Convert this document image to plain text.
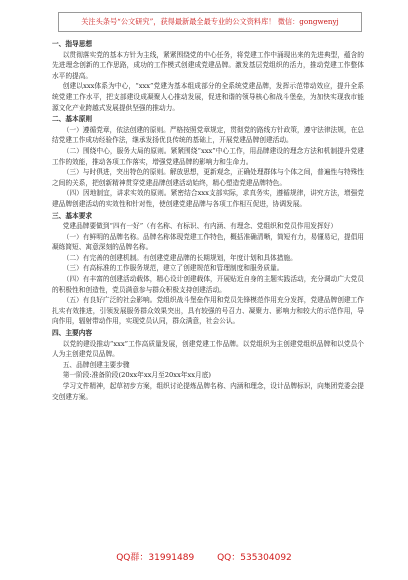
关注头条号“公文研究”，获得最新最全最专业的公文资料库！ 微信：gongwenyj

一、指导思想

以贯彻落实党的基本方针为主线，紧紧围绕党的中心任务，将党建工作中涌现出来的先进典型，蕴含的先进理念创新的工作思路，成功的工作模式创建成党建品牌。激发基层党组织的活力，推动党建工作整体水平的提高。

创建以xxx体系为中心，“xxx”党建为基本组成部分的全系统党建品牌，发挥示范带动效应，提升全系统党建工作水平，把支部建设成凝聚人心推动发展，促进和谐的领导核心和战斗堡垒，为加快实现我市能源文化产业跨越式发展提供坚强的推动力。

二、基本原则

（一）遵循党章，依法创建的原则。严格按照党章规定，贯彻党的路线方针政策，遵守法律法规，在总结党建工作成功经验作法，继承发扬优良传统的基础上，开展党建品牌创建活动。

（二）围绕中心，服务大局的原则。紧紧围绕“xxx”中心工作，用品牌建设的理念方法和机制提升党建工作的效能，推动各项工作落实，增强党建品牌的影响力和生命力。

（三）与时俱进，突出特色的原则。解放思想，更新观念，正确处理群体与个体之间，普遍性与特殊性之间的关系，把创新精神贯穿党建品牌创建活动始终，精心塑造党建品牌特色。

（四）因地制宜，讲求实效的原则。紧密结合xxx支部实际，求真务实，遵循规律，讲究方法，增强党建品牌创建活动的实效性和针对性，使创建党建品牌与各项工作相互促进，协调发展。

三、基本要求

党建品牌要做到“四有一好”（有名称、有标识、有内涵、有理念、党组织和党员作用发挥好）

（一）有鲜明的品牌名称。品牌名称体现党建工作特色，概括准确清晰，简短有力，易懂易记，提倡用凝练简短、寓意深刻的品牌名称。

（二）有完善的创建机制。有创建党建品牌的长期规划，年度计划和具体措施。

（三）有高标准的工作服务规范，建立了创建规范和管理制度和服务质量。

（四）有丰富的创建活动载体，精心设计创建载体，开展贴近自身的主题实践活动，充分调动广大党员的积极性和创造性，党员满意参与群众积极支持创建活动。

（五）有良好广泛的社会影响。党组织战斗堡垒作用和党员先锋模范作用充分发挥，党建品牌创建工作扎实有效推进，引领发展服务群众效果突出，具有较强的号召力、凝聚力、影响力和较大的示范作用，导向作用，辐射带动作用，实现党员认同，群众满意，社会公认。

四、主要内容

以党的建设推动“xxx”工作高质量发展，创建党建工作品牌。以党组织为主创建党组织品牌和以党员个人为主创建党员品牌。

五、品牌创建主要步骤

第一阶段:准备阶段(20xx年xx月至20xx年xx月底)

学习文件精神，起草初步方案，组织讨论提炼品牌名称、内涵和理念，设计品牌标识，向集团党委会提交创建方案。

QQ群：31991489	QQ：535304092
